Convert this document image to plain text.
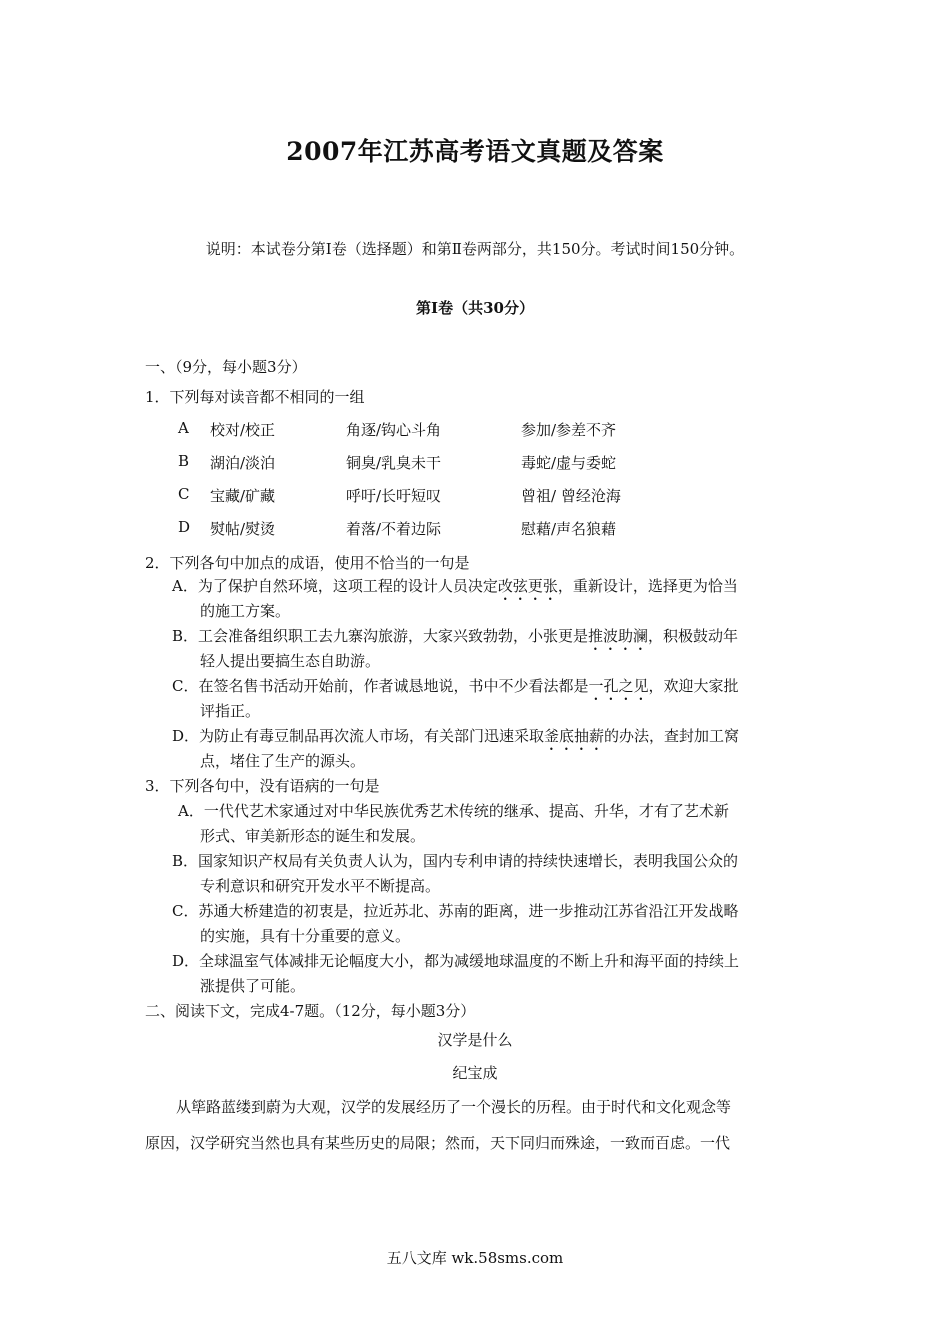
2007年江苏高考语文真题及答案
说明：本试卷分第Ⅰ卷（选择题）和第Ⅱ卷两部分，共150分。考试时间150分钟。
第Ⅰ卷（共30分）
一、（9分，每小题3分）
1．下列每对读音都不相同的一组
A 校对/校正	角逐/钩心斗角	参加/参差不齐
B 湖泊/淡泊	铜臭/乳臭未干	毒蛇/虚与委蛇
C 宝藏/矿藏	呼吁/长吁短叹	曾祖/ 曾经沧海
D 熨帖/熨烫	着落/不着边际	慰藉/声名狼藉
2．下列各句中加点的成语，使用不恰当的一句是
A．为了保护自然环境，这项工程的设计人员决定改弦更张，重新设计，选择更为恰当
的施工方案。
B．工会准备组织职工去九寨沟旅游，大家兴致勃勃，小张更是推波助澜，积极鼓动年
轻人提出要搞生态自助游。
C．在签名售书活动开始前，作者诚恳地说，书中不少看法都是一孔之见，欢迎大家批
评指正。
D．为防止有毒豆制品再次流人市场，有关部门迅速采取釜底抽薪的办法，查封加工窝
点，堵住了生产的源头。
3．下列各句中，没有语病的一句是
A．一代代艺术家通过对中华民族优秀艺术传统的继承、提高、升华，才有了艺术新
形式、审美新形态的诞生和发展。
B．国家知识产权局有关负责人认为，国内专利申请的持续快速增长，表明我国公众的
专利意识和研究开发水平不断提高。
C．苏通大桥建造的初衷是，拉近苏北、苏南的距离，进一步推动江苏省沿江开发战略
的实施，具有十分重要的意义。
D．全球温室气体减排无论幅度大小，都为减缓地球温度的不断上升和海平面的持续上
涨提供了可能。
二、阅读下文，完成4-7题。（12分，每小题3分）
汉学是什么
纪宝成
从筚路蓝缕到蔚为大观，汉学的发展经历了一个漫长的历程。由于时代和文化观念等
原因，汉学研究当然也具有某些历史的局限；然而，天下同归而殊途，一致而百虑。一代
五八文库 wk.58sms.com
